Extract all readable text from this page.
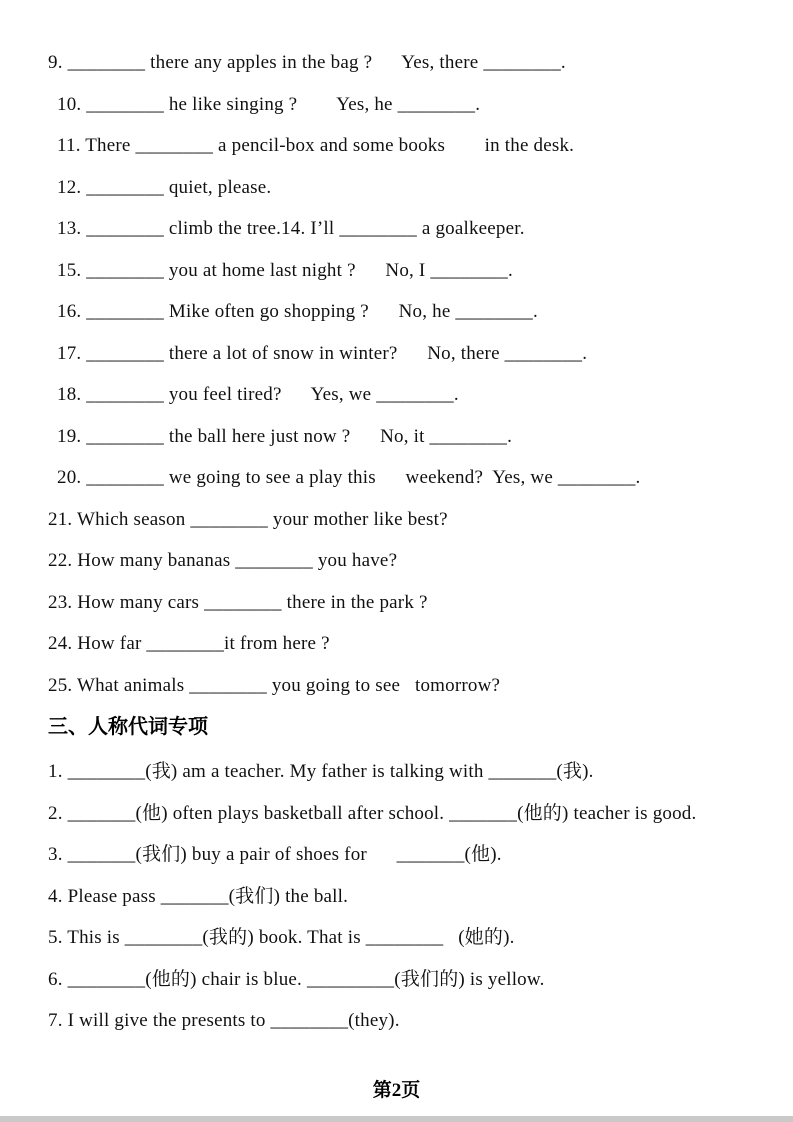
9. ________ there any apples in the bag ?      Yes, there ________.

10. ________ he like singing ?        Yes, he ________.

11. There ________ a pencil-box and some books        in the desk.

12. ________ quiet, please.

13. ________ climb the tree.14. I’ll ________ a goalkeeper.

15. ________ you at home last night ?      No, I ________.

16. ________ Mike often go shopping ?      No, he ________.

17. ________ there a lot of snow in winter?      No, there ________.

18. ________ you feel tired?      Yes, we ________.

19. ________ the ball here just now ?      No, it ________.

20. ________ we going to see a play this      weekend?  Yes, we ________.

21. Which season ________ your mother like best?

22. How many bananas ________ you have?

23. How many cars ________ there in the park ?

24. How far ________it from here ?

25. What animals ________ you going to see   tomorrow?

三、人称代词专项

1. ________(我) am a teacher. My father is talking with _______(我).

2. _______(他) often plays basketball after school. _______(他的) teacher is good.

3. _______(我们) buy a pair of shoes for      _______(他).

4. Please pass _______(我们) the ball.

5. This is ________(我的) book. That is ________   (她的).

6. ________(他的) chair is blue. _________(我们的) is yellow.

7. I will give the presents to ________(they).

第2页
